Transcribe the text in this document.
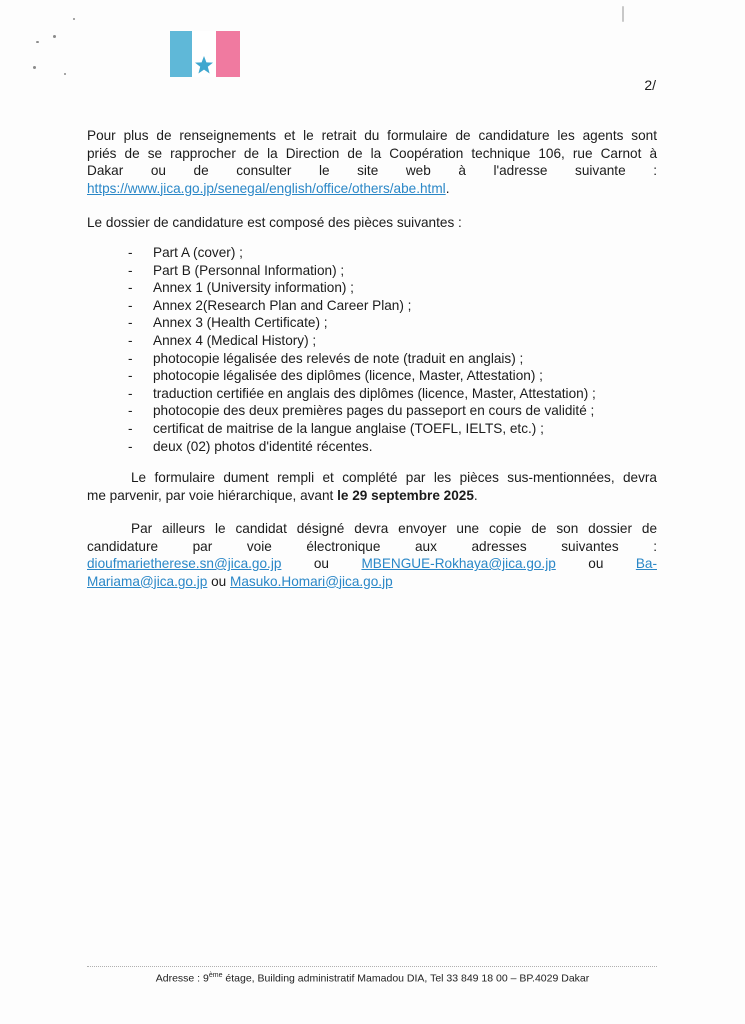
2/
Pour plus de renseignements et le retrait du formulaire de candidature les agents sont
priés de se rapprocher de la Direction de la Coopération technique 106, rue Carnot à
Dakar ou de consulter le site web à l'adresse suivante :
https://www.jica.go.jp/senegal/english/office/others/abe.html.
Le dossier de candidature est composé des pièces suivantes :
- Part A (cover) ;
- Part B (Personnal Information) ;
- Annex 1 (University information) ;
- Annex 2(Research Plan and Career Plan) ;
- Annex 3 (Health Certificate) ;
- Annex 4 (Medical History) ;
- photocopie légalisée des relevés de note (traduit en anglais) ;
- photocopie légalisée des diplômes (licence, Master, Attestation) ;
- traduction certifiée en anglais des diplômes (licence, Master, Attestation) ;
- photocopie des deux premières pages du passeport en cours de validité ;
- certificat de maitrise de la langue anglaise (TOEFL, IELTS, etc.) ;
- deux (02) photos d'identité récentes.
Le formulaire dument rempli et complété par les pièces sus-mentionnées, devra
me parvenir, par voie hiérarchique, avant le 29 septembre 2025.
Par ailleurs le candidat désigné devra envoyer une copie de son dossier de
candidature par voie électronique aux adresses suivantes :
dioufmarietherese.sn@jica.go.jp ou MBENGUE-Rokhaya@jica.go.jp ou Ba-
Mariama@jica.go.jp ou Masuko.Homari@jica.go.jp
Adresse : 9ème étage, Building administratif Mamadou DIA, Tel 33 849 18 00 – BP.4029 Dakar
